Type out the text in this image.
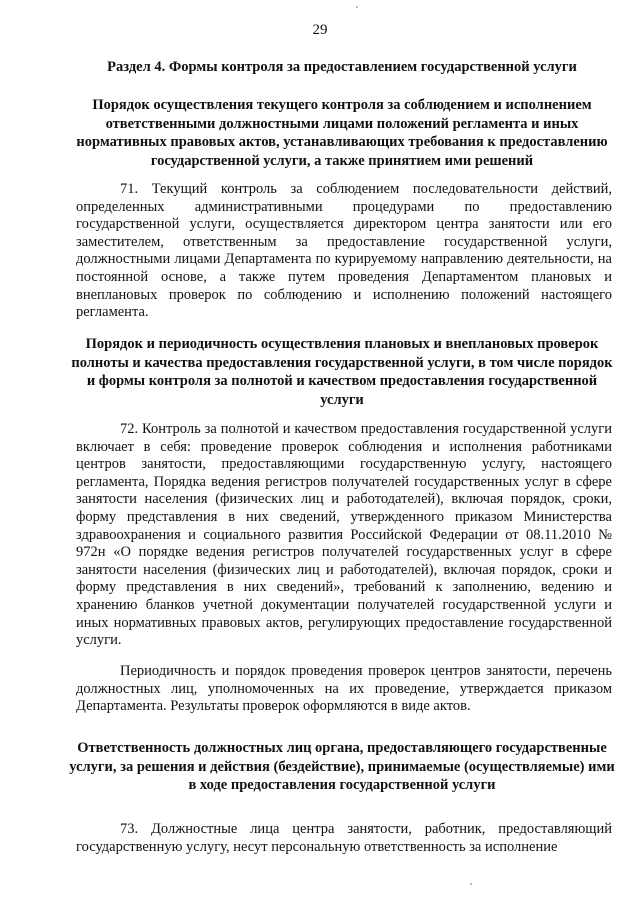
29
Раздел 4. Формы контроля за предоставлением государственной услуги
Порядок осуществления текущего контроля за соблюдением и исполнением ответственными должностными лицами положений регламента и иных нормативных правовых актов, устанавливающих требования к предоставлению государственной услуги, а также принятием ими решений
71. Текущий контроль за соблюдением последовательности действий, определенных административными процедурами по предоставлению государственной услуги, осуществляется директором центра занятости или его заместителем, ответственным за предоставление государственной услуги, должностными лицами Департамента по курируемому направлению деятельности, на постоянной основе, а также путем проведения Департаментом плановых и внеплановых проверок по соблюдению и исполнению положений настоящего регламента.
Порядок и периодичность осуществления плановых и внеплановых проверок полноты и качества предоставления государственной услуги, в том числе порядок и формы контроля за полнотой и качеством предоставления государственной услуги
72. Контроль за полнотой и качеством предоставления государственной услуги включает в себя: проведение проверок соблюдения и исполнения работниками центров занятости, предоставляющими государственную услугу, настоящего регламента, Порядка ведения регистров получателей государственных услуг в сфере занятости населения (физических лиц и работодателей), включая порядок, сроки, форму представления в них сведений, утвержденного приказом Министерства здравоохранения и социального развития Российской Федерации от 08.11.2010 № 972н «О порядке ведения регистров получателей государственных услуг в сфере занятости населения (физических лиц и работодателей), включая порядок, сроки и форму представления в них сведений», требований к заполнению, ведению и хранению бланков учетной документации получателей государственной услуги и иных нормативных правовых актов, регулирующих предоставление государственной услуги.
Периодичность и порядок проведения проверок центров занятости, перечень должностных лиц, уполномоченных на их проведение, утверждается приказом Департамента. Результаты проверок оформляются в виде актов.
Ответственность должностных лиц органа, предоставляющего государственные услуги, за решения и действия (бездействие), принимаемые (осуществляемые) ими в ходе предоставления государственной услуги
73. Должностные лица центра занятости, работник, предоставляющий государственную услугу, несут персональную ответственность за исполнение
